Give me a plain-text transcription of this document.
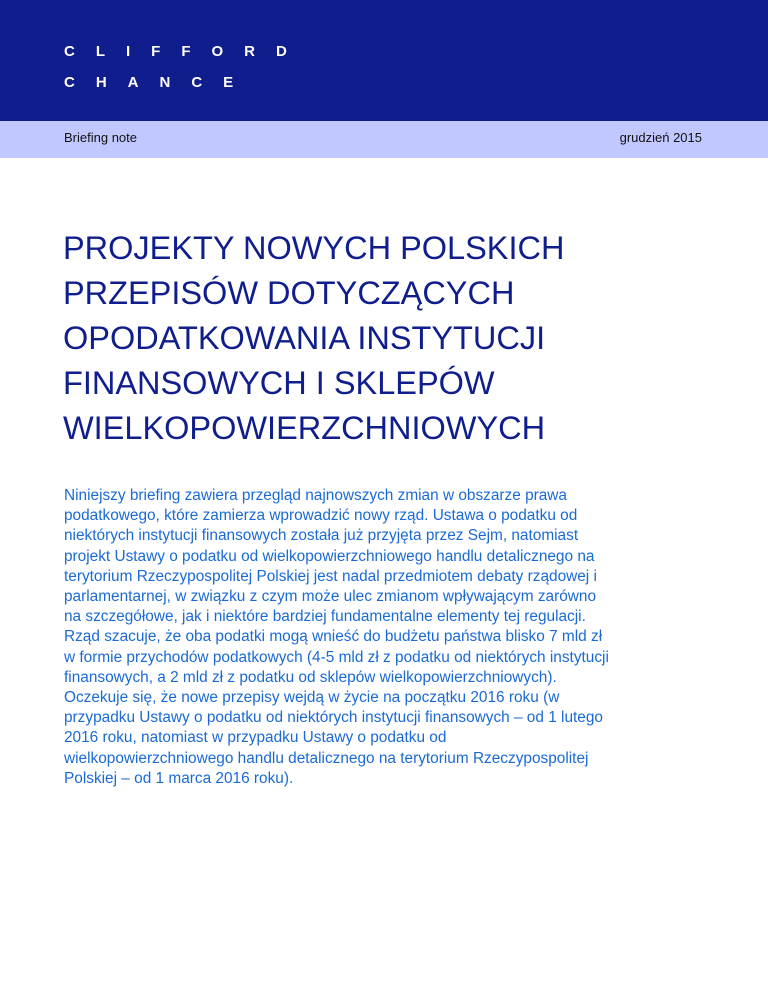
CLIFFORD
CHANCE
Briefing note	grudzień 2015
PROJEKTY NOWYCH POLSKICH
PRZEPISÓW DOTYCZĄCYCH
OPODATKOWANIA INSTYTUCJI
FINANSOWYCH I SKLEPÓW
WIELKOPOWIERZCHNIOWYCH

Niniejszy briefing zawiera przegląd najnowszych zmian w obszarze prawa
podatkowego, które zamierza wprowadzić nowy rząd. Ustawa o podatku od
niektórych instytucji finansowych została już przyjęta przez Sejm, natomiast
projekt Ustawy o podatku od wielkopowierzchniowego handlu detalicznego na
terytorium Rzeczypospolitej Polskiej jest nadal przedmiotem debaty rządowej i
parlamentarnej, w związku z czym może ulec zmianom wpływającym zarówno
na szczegółowe, jak i niektóre bardziej fundamentalne elementy tej regulacji.
Rząd szacuje, że oba podatki mogą wnieść do budżetu państwa blisko 7 mld zł
w formie przychodów podatkowych (4-5 mld zł z podatku od niektórych instytucji
finansowych, a 2 mld zł z podatku od sklepów wielkopowierzchniowych).
Oczekuje się, że nowe przepisy wejdą w życie na początku 2016 roku (w
przypadku Ustawy o podatku od niektórych instytucji finansowych – od 1 lutego
2016 roku, natomiast w przypadku Ustawy o podatku od
wielkopowierzchniowego handlu detalicznego na terytorium Rzeczypospolitej
Polskiej – od 1 marca 2016 roku).
